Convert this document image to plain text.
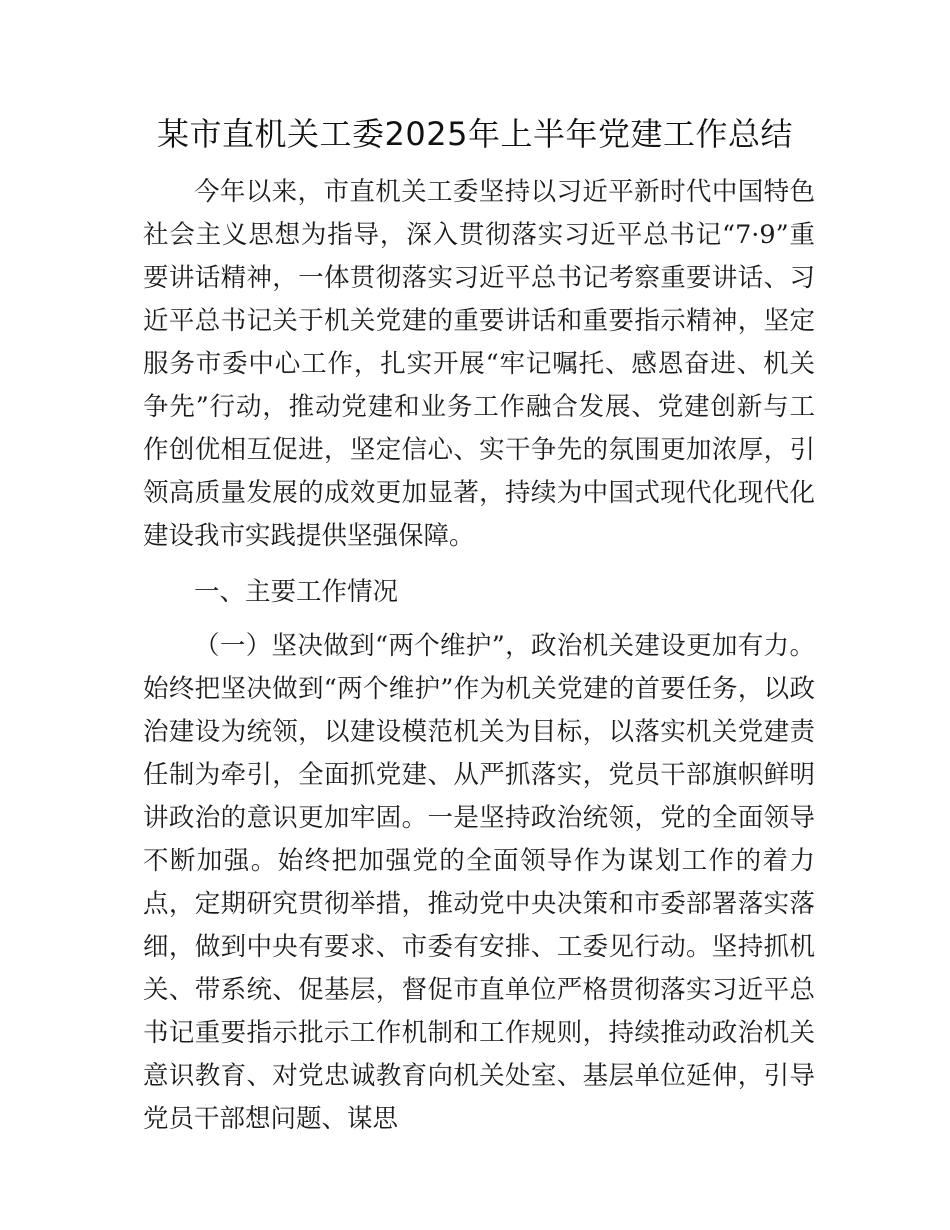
某市直机关工委2025年上半年党建工作总结

今年以来，市直机关工委坚持以习近平新时代中国特色社会主义思想为指导，深入贯彻落实习近平总书记“7·9”重要讲话精神，一体贯彻落实习近平总书记考察重要讲话、习近平总书记关于机关党建的重要讲话和重要指示精神，坚定服务市委中心工作，扎实开展“牢记嘱托、感恩奋进、机关争先”行动，推动党建和业务工作融合发展、党建创新与工作创优相互促进，坚定信心、实干争先的氛围更加浓厚，引领高质量发展的成效更加显著，持续为中国式现代化现代化建设我市实践提供坚强保障。

一、主要工作情况

（一）坚决做到“两个维护”，政治机关建设更加有力。始终把坚决做到“两个维护”作为机关党建的首要任务，以政治建设为统领，以建设模范机关为目标，以落实机关党建责任制为牵引，全面抓党建、从严抓落实，党员干部旗帜鲜明讲政治的意识更加牢固。一是坚持政治统领，党的全面领导不断加强。始终把加强党的全面领导作为谋划工作的着力点，定期研究贯彻举措，推动党中央决策和市委部署落实落细，做到中央有要求、市委有安排、工委见行动。坚持抓机关、带系统、促基层，督促市直单位严格贯彻落实习近平总书记重要指示批示工作机制和工作规则，持续推动政治机关意识教育、对党忠诚教育向机关处室、基层单位延伸，引导党员干部想问题、谋思
